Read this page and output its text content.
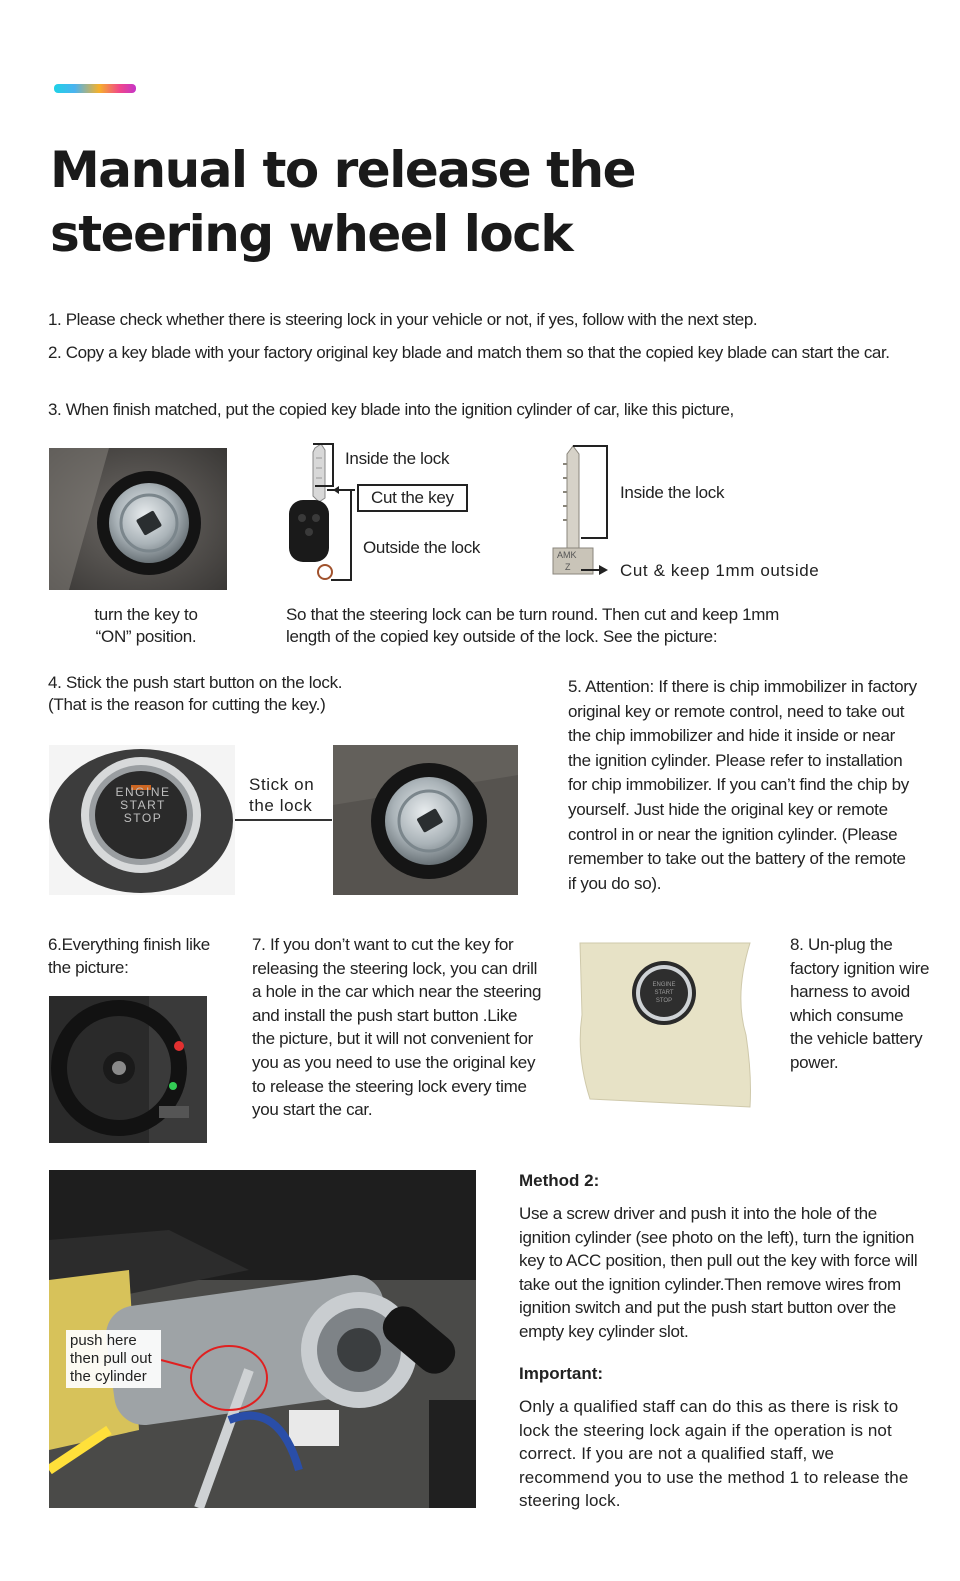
Manual to release the steering wheel lock

1. Please check whether there is steering lock in your vehicle or not, if yes, follow with the next step.

2. Copy a key blade with your factory original key blade and match them so that the copied key blade can start the car.

3. When finish matched, put the copied key blade into the ignition cylinder of car, like this picture,

turn the key to
“ON” position.

Inside the lock
Cut the key
Outside the lock	AMK
Z
Inside the lock
Cut & keep 1mm outside

So that the steering lock can be turn round. Then cut and keep 1mm length of the copied key outside of the lock. See the picture:

4. Stick the push start button on the lock.
(That is the reason for cutting the key.)

ENGINE
START
STOP

Stick on
the lock

5. Attention: If there is chip immobilizer in factory original key or remote control, need to take out the chip immobilizer and hide it inside or near the ignition cylinder. Please refer to installation for chip immobilizer. If you can’t find the chip by yourself. Just hide the original key or remote control in or near the ignition cylinder. (Please remember to take out the battery of the remote if you do so).

6.Everything finish like the picture:

7. If you don’t want to cut the key for releasing the steering lock, you can drill a hole in the car which near the steering and install the push start button .Like the picture, but it will not convenient for you as you need to use the original key to release the steering lock every time you start the car.

ENGINE
START
STOP

8. Un-plug the factory ignition wire harness to avoid which consume the vehicle battery power.

push here
then pull out
the cylinder
Method 2:

Use a screw driver and push it into the hole of the ignition cylinder (see photo on the left), turn the ignition key to ACC position, then pull out the key with force will take out the ignition cylinder.Then remove wires from ignition switch and put the push start button over the empty key cylinder slot.

Important:

Only a qualified staff can do this as there is risk to lock the steering lock again if the operation is not correct. If you are not a qualified staff, we recommend you to use the method 1 to release the steering lock.
